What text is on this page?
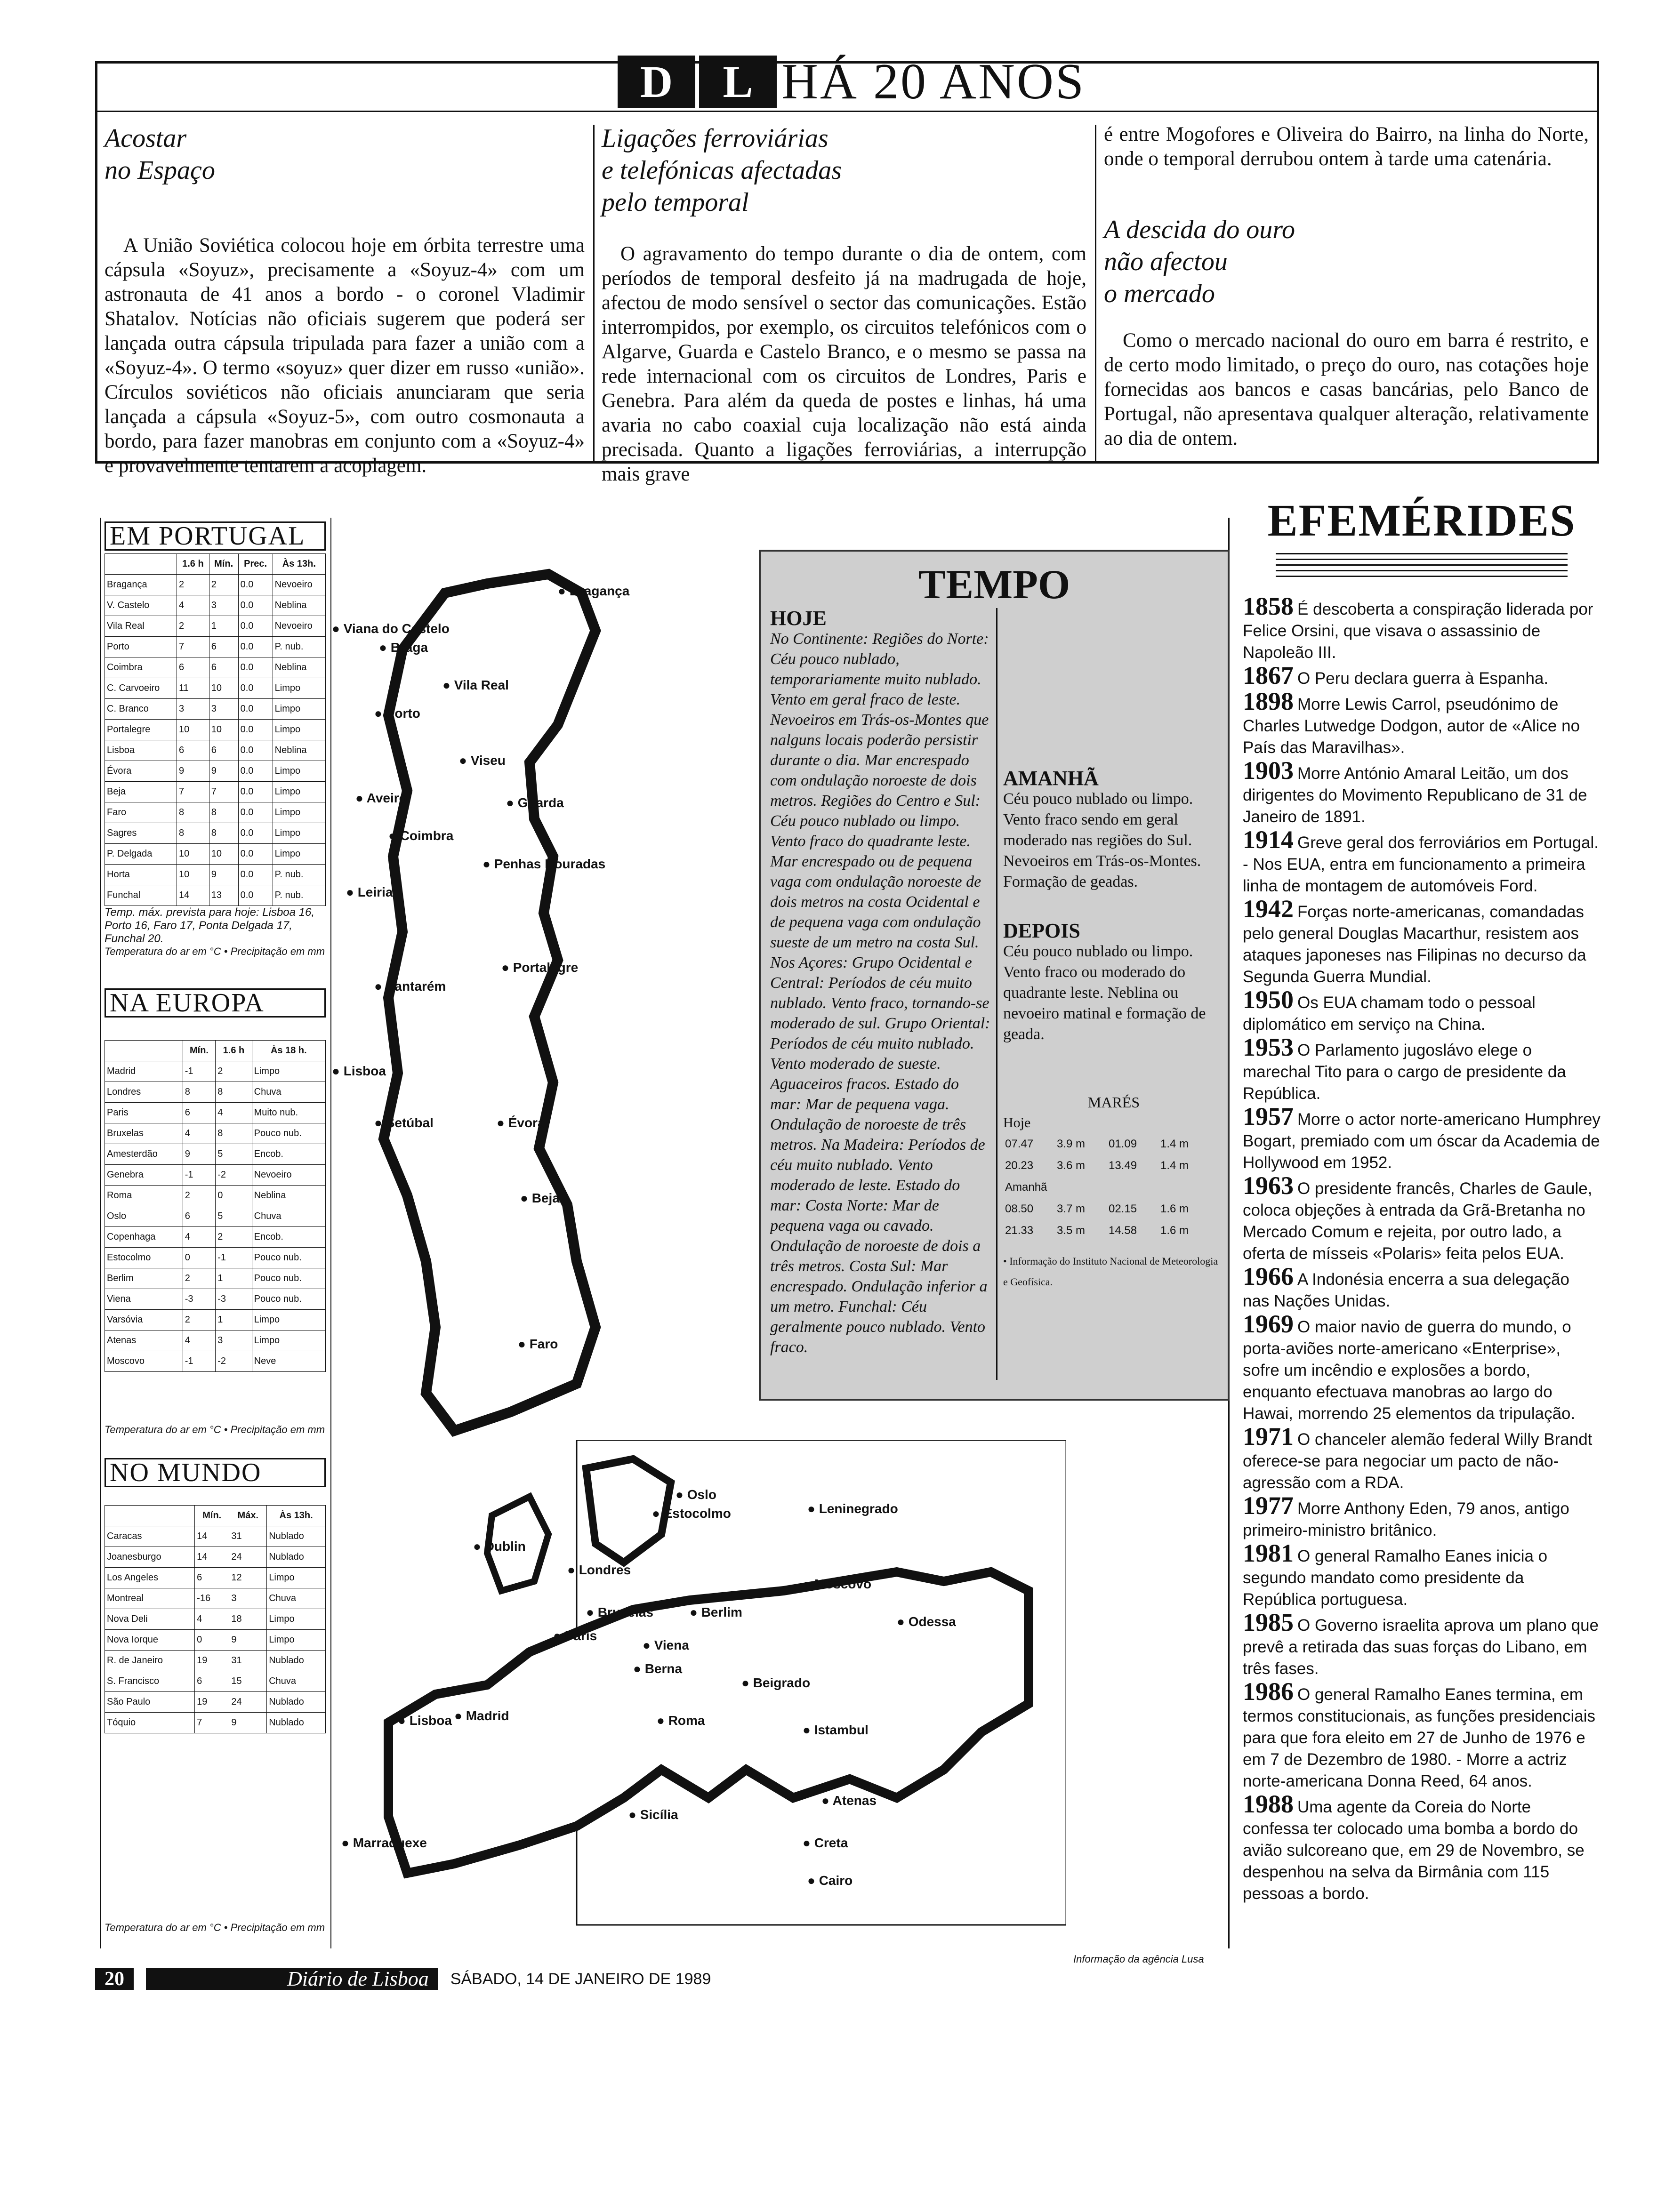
D	L HÁ 20 ANOS
Acostar
no Espaço

A União Soviética colocou hoje em órbita terrestre uma cápsula «Soyuz», precisamente a «Soyuz-4» com um astronauta de 41 anos a bordo - o coronel Vladimir Shatalov. Notícias não oficiais sugerem que poderá ser lançada outra cápsula tripulada para fazer a união com a «Soyuz-4». O termo «soyuz» quer dizer em russo «união». Círculos soviéticos não oficiais anunciaram que seria lançada a cápsula «Soyuz-5», com outro cosmonauta a bordo, para fazer manobras em conjunto com a «Soyuz-4» e provavelmente tentarem a acoplagem.

Ligações ferroviárias
e telefónicas afectadas
pelo temporal

O agravamento do tempo durante o dia de ontem, com períodos de temporal desfeito já na madrugada de hoje, afectou de modo sensível o sector das comunicações. Estão interrompidos, por exemplo, os circuitos telefónicos com o Algarve, Guarda e Castelo Branco, e o mesmo se passa na rede internacional com os circuitos de Londres, Paris e Genebra. Para além da queda de postes e linhas, há uma avaria no cabo coaxial cuja localização não está ainda precisada. Quanto a ligações ferroviárias, a interrupção mais grave

é entre Mogofores e Oliveira do Bairro, na linha do Norte, onde o temporal derrubou ontem à tarde uma catenária.

A descida do ouro
não afectou
o mercado

Como o mercado nacional do ouro em barra é restrito, e de certo modo limitado, o preço do ouro, nas cotações hoje fornecidas aos bancos e casas bancárias, pelo Banco de Portugal, não apresentava qualquer alteração, relativamente ao dia de ontem.

EM PORTUGAL
	1.6 h	Mín.	Prec.	Às 13h.
Bragança	2	2	0.0	Nevoeiro
V. Castelo	4	3	0.0	Neblina
Vila Real	2	1	0.0	Nevoeiro
Porto	7	6	0.0	P. nub.
Coimbra	6	6	0.0	Neblina
C. Carvoeiro	11	10	0.0	Limpo
C. Branco	3	3	0.0	Limpo
Portalegre	10	10	0.0	Limpo
Lisboa	6	6	0.0	Neblina
Évora	9	9	0.0	Limpo
Beja	7	7	0.0	Limpo
Faro	8	8	0.0	Limpo
Sagres	8	8	0.0	Limpo
P. Delgada	10	10	0.0	Limpo
Horta	10	9	0.0	P. nub.
Funchal	14	13	0.0	P. nub.
Temp. máx. prevista para hoje: Lisboa 16, Porto 16, Faro 17, Ponta Delgada 17, Funchal 20.
Temperatura do ar em °C • Precipitação em mm
NA EUROPA
	Mín.	1.6 h	Às 18 h.
Madrid	-1	2	Limpo
Londres	8	8	Chuva
Paris	6	4	Muito nub.
Bruxelas	4	8	Pouco nub.
Amesterdão	9	5	Encob.
Genebra	-1	-2	Nevoeiro
Roma	2	0	Neblina
Oslo	6	5	Chuva
Copenhaga	4	2	Encob.
Estocolmo	0	-1	Pouco nub.
Berlim	2	1	Pouco nub.
Viena	-3	-3	Pouco nub.
Varsóvia	2	1	Limpo
Atenas	4	3	Limpo
Moscovo	-1	-2	Neve
Temperatura do ar em °C • Precipitação em mm
NO MUNDO
	Mín.	Máx.	Às 13h.
Caracas	14	31	Nublado
Joanesburgo	14	24	Nublado
Los Angeles	6	12	Limpo
Montreal	-16	3	Chuva
Nova Deli	4	18	Limpo
Nova Iorque	0	9	Limpo
R. de Janeiro	19	31	Nublado
S. Francisco	6	15	Chuva
São Paulo	19	24	Nublado
Tóquio	7	9	Nublado
Temperatura do ar em °C • Precipitação em mm
● Bragança
● Viana do Castelo
● Braga
● Vila Real
● Porto
● Viseu
● Aveiro	● Guarda
● Coimbra
● Penhas Douradas
● Leiria
● Portalegre
● Santarém
● Lisboa
● Setúbal	● Évora
● Beja
● Faro
● Oslo
● Estocolmo	● Leninegrado
● Dublin
● Londres
● Moscovo
● Bruxelas	● Berlim
● Paris
● Viena
● Odessa
● Berna
● Beigrado
● Lisboa ● Madrid	● Roma
● Istambul
● Sicília
● Atenas
● Creta
● Marraquexe
● Cairo
Informação da agência Lusa
TEMPO
HOJE
No Continente: Regiões do Norte: Céu pouco nublado, temporariamente muito nublado. Vento em geral fraco de leste. Nevoeiros em Trás-os-Montes que nalguns locais poderão persistir durante o dia. Mar encrespado com ondulação noroeste de dois metros. Regiões do Centro e Sul: Céu pouco nublado ou limpo. Vento fraco do quadrante leste. Mar encrespado ou de pequena vaga com ondulação noroeste de dois metros na costa Ocidental e de pequena vaga com ondulação sueste de um metro na costa Sul. Nos Açores: Grupo Ocidental e Central: Períodos de céu muito nublado. Vento fraco, tornando-se moderado de sul. Grupo Oriental: Períodos de céu muito nublado. Vento moderado de sueste. Aguaceiros fracos. Estado do mar: Mar de pequena vaga. Ondulação de noroeste de três metros. Na Madeira: Períodos de céu muito nublado. Vento moderado de leste. Estado do mar: Costa Norte: Mar de pequena vaga ou cavado. Ondulação de noroeste de dois a três metros. Costa Sul: Mar encrespado. Ondulação inferior a um metro. Funchal: Céu geralmente pouco nublado. Vento fraco.
AMANHÃ
Céu pouco nublado ou limpo. Vento fraco sendo em geral moderado nas regiões do Sul. Nevoeiros em Trás-os-Montes. Formação de geadas.
DEPOIS
Céu pouco nublado ou limpo. Vento fraco ou moderado do quadrante leste. Neblina ou nevoeiro matinal e formação de geada.
MARÉS
Hoje
07.47	3.9 m	01.09	1.4 m
20.23	3.6 m	13.49	1.4 m
Amanhã			
08.50	3.7 m	02.15	1.6 m
21.33	3.5 m	14.58	1.6 m
• Informação do Instituto Nacional de Meteorologia e Geofísica.
EFEMÉRIDES
1858 É descoberta a conspiração liderada por Felice Orsini, que visava o assassinio de Napoleão III.
1867 O Peru declara guerra à Espanha.
1898 Morre Lewis Carrol, pseudónimo de Charles Lutwedge Dodgon, autor de «Alice no País das Maravilhas».
1903 Morre António Amaral Leitão, um dos dirigentes do Movimento Republicano de 31 de Janeiro de 1891.
1914 Greve geral dos ferroviários em Portugal. - Nos EUA, entra em funcionamento a primeira linha de montagem de automóveis Ford.
1942 Forças norte-americanas, comandadas pelo general Douglas Macarthur, resistem aos ataques japoneses nas Filipinas no decurso da Segunda Guerra Mundial.
1950 Os EUA chamam todo o pessoal diplomático em serviço na China.
1953 O Parlamento jugosl​ávo elege o marechal Tito para o cargo de presidente da República.
1957 Morre o actor norte-americano Humphrey Bogart, premiado com um óscar da Academia de Hollywood em 1952.
1963 O presidente francês, Charles de Gaule, coloca objeções à entrada da Grã-Bretanha no Mercado Comum e rejeita, por outro lado, a oferta de mísseis «Polaris» feita pelos EUA.
1966 A Indonésia encerra a sua delegação nas Nações Unidas.
1969 O maior navio de guerra do mundo, o porta-aviões norte-americano «Enterprise», sofre um incêndio e explosões a bordo, enquanto efectuava manobras ao largo do Hawai, morrendo 25 elementos da tripulação.
1971 O chanceler alemão federal Willy Brandt oferece-se para negociar um pacto de não-agressão com a RDA.
1977 Morre Anthony Eden, 79 anos, antigo primeiro-ministro britânico.
1981 O general Ramalho Eanes inicia o segundo mandato como presidente da República portuguesa.
1985 O Governo israelita aprova um plano que prevê a retirada das suas forças do Libano, em três fases.
1986 O general Ramalho Eanes termina, em termos constitucionais, as funções presidenciais para que fora eleito em 27 de Junho de 1976 e em 7 de Dezembro de 1980. - Morre a actriz norte-americana Donna Reed, 64 anos.
1988 Uma agente da Coreia do Norte confessa ter colocado uma bomba a bordo do avião sulcoreano que, em 29 de Novembro, se despenhou na selva da Birmânia com 115 pessoas a bordo.
20	Diário de Lisboa	SÁBADO, 14 DE JANEIRO DE 1989
